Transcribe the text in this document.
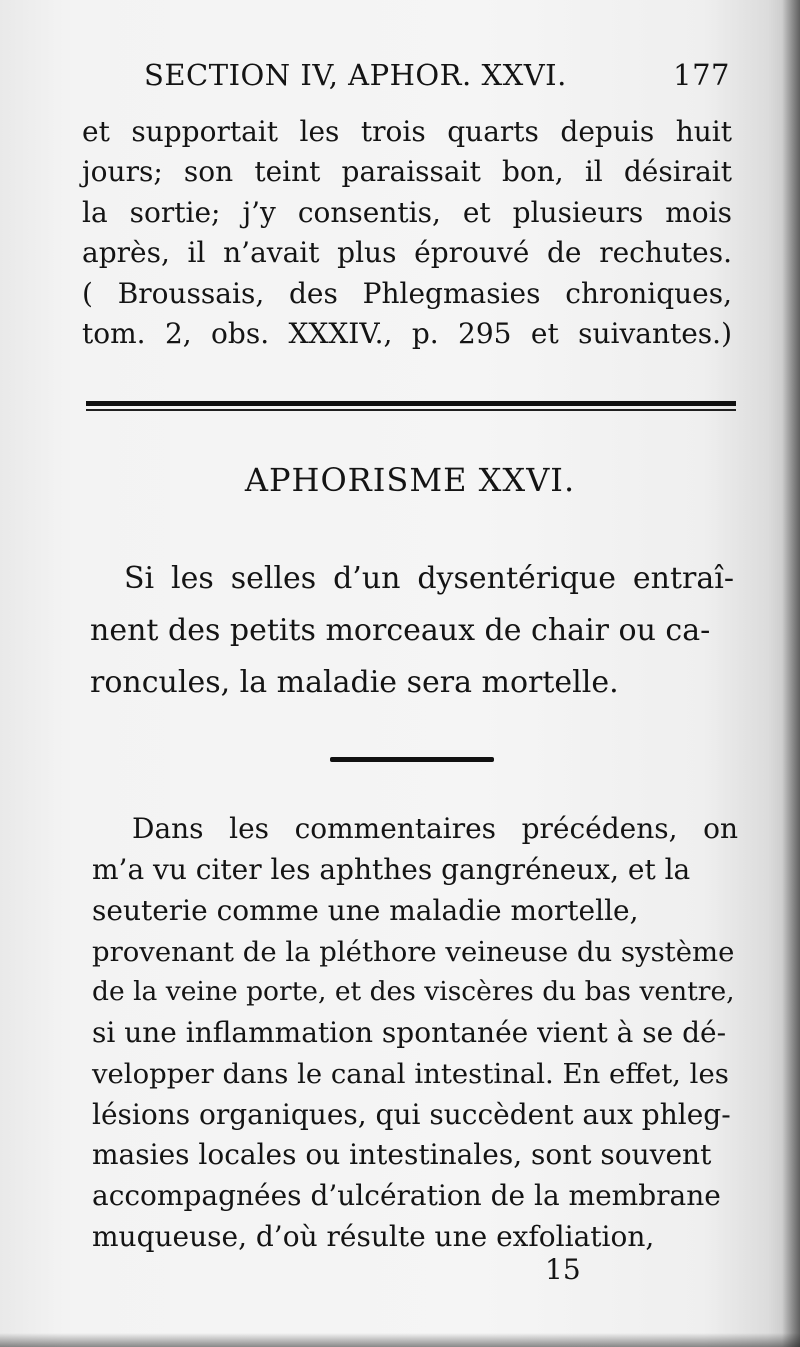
SECTION IV, APHOR. XXVI.	177
et supportait les trois quarts depuis huit
jours; son teint paraissait bon, il désirait
la sortie; j’y consentis, et plusieurs mois
après, il n’avait plus éprouvé de rechutes.
( Broussais, des Phlegmasies chroniques,
tom. 2, obs. XXXIV., p. 295 et suivantes.)
APHORISME XXVI.
Si les selles d’un dysentérique entraî-
nent des petits morceaux de chair ou ca-
roncules, la maladie sera mortelle.
Dans les commentaires précédens, on
m’a vu citer les aphthes gangréneux, et la
seuterie comme une maladie mortelle,
provenant de la pléthore veineuse du système
de la veine porte, et des viscères du bas ventre,
si une inflammation spontanée vient à se dé-
velopper dans le canal intestinal. En effet, les
lésions organiques, qui succèdent aux phleg-
masies locales ou intestinales, sont souvent
accompagnées d’ulcération de la membrane
muqueuse, d’où résulte une exfoliation,
15
